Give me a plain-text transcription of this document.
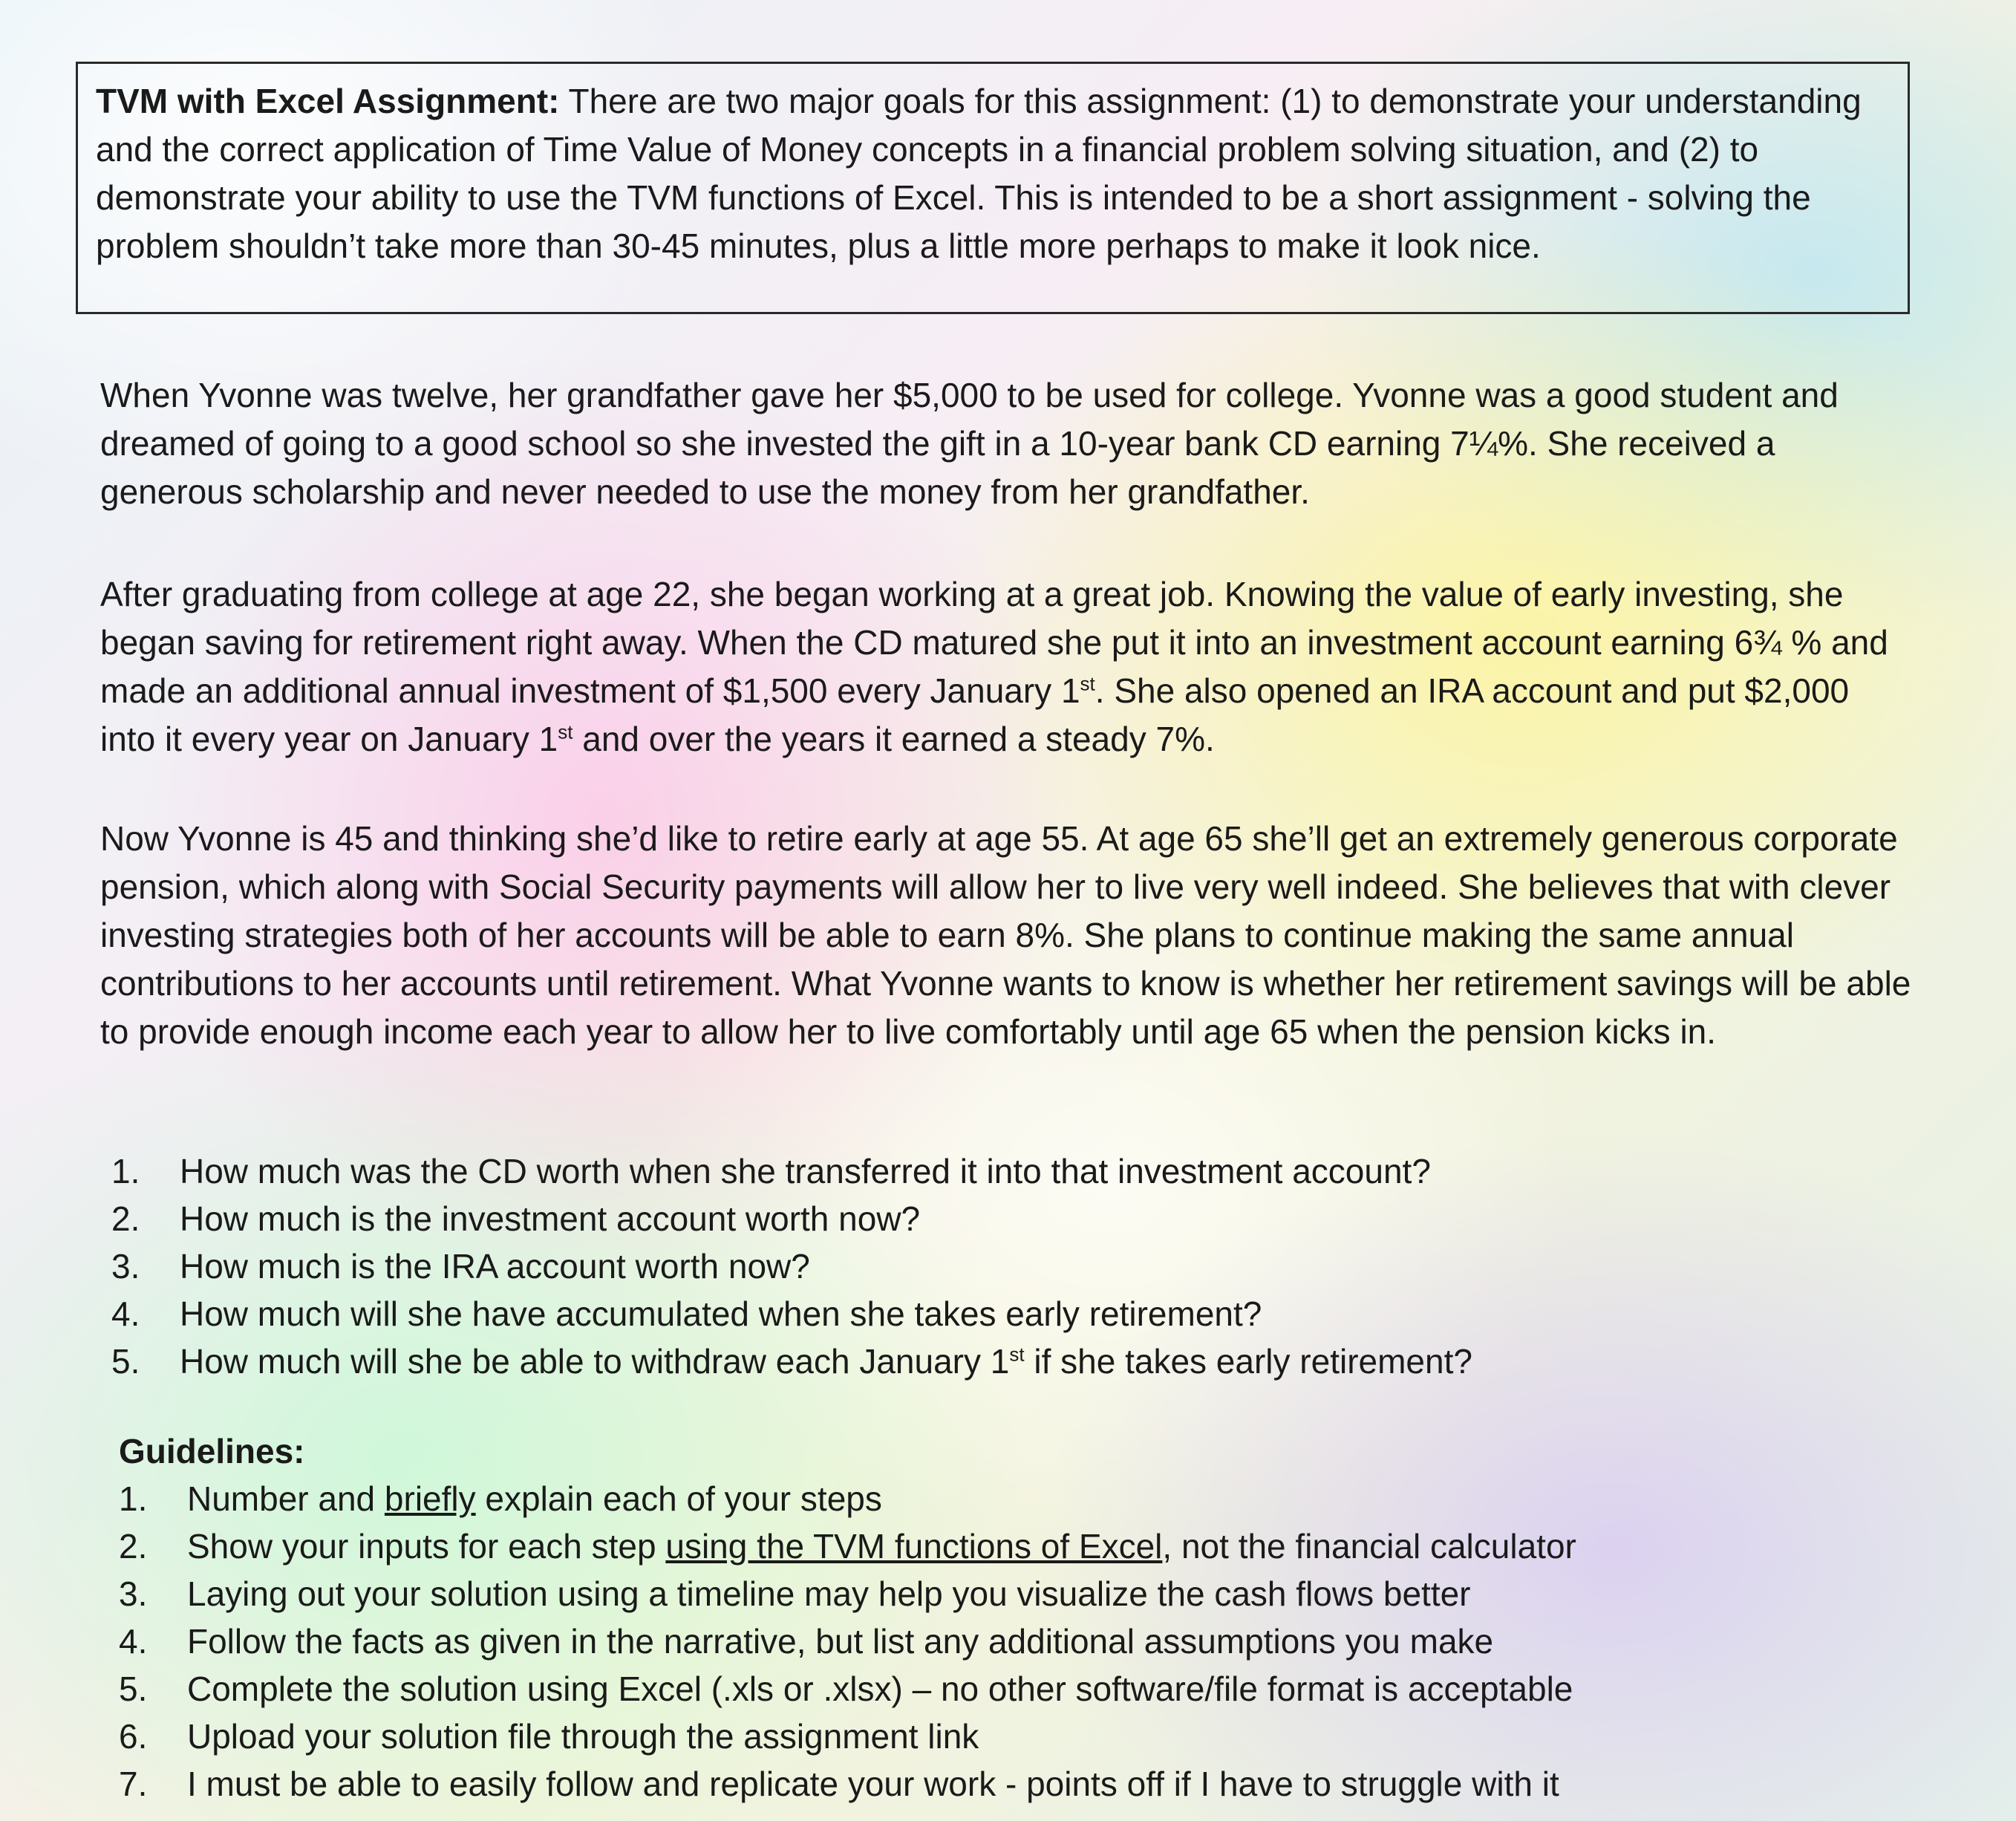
TVM with Excel Assignment: There are two major goals for this assignment: (1) to demonstrate your understanding and the correct application of Time Value of Money concepts in a financial problem solving situation, and (2) to demonstrate your ability to use the TVM functions of Excel. This is intended to be a short assignment - solving the problem shouldn’t take more than 30-45 minutes, plus a little more perhaps to make it look nice.

When Yvonne was twelve, her grandfather gave her $5,000 to be used for college. Yvonne was a good student and dreamed of going to a good school so she invested the gift in a 10-year bank CD earning 7¼%. She received a generous scholarship and never needed to use the money from her grandfather.

After graduating from college at age 22, she began working at a great job. Knowing the value of early investing, she began saving for retirement right away. When the CD matured she put it into an investment account earning 6¾ % and made an additional annual investment of $1,500 every January 1st. She also opened an IRA account and put $2,000 into it every year on January 1st and over the years it earned a steady 7%.

Now Yvonne is 45 and thinking she’d like to retire early at age 55. At age 65 she’ll get an extremely generous corporate pension, which along with Social Security payments will allow her to live very well indeed. She believes that with clever investing strategies both of her accounts will be able to earn 8%. She plans to continue making the same annual contributions to her accounts until retirement. What Yvonne wants to know is whether her retirement savings will be able to provide enough income each year to allow her to live comfortably until age 65 when the pension kicks in.

1.	How much was the CD worth when she transferred it into that investment account?
2.	How much is the investment account worth now?
3.	How much is the IRA account worth now?
4.	How much will she have accumulated when she takes early retirement?
5.	How much will she be able to withdraw each January 1st if she takes early retirement?

Guidelines:

1.	Number and briefly explain each of your steps
2.	Show your inputs for each step using the TVM functions of Excel, not the financial calculator
3.	Laying out your solution using a timeline may help you visualize the cash flows better
4.	Follow the facts as given in the narrative, but list any additional assumptions you make
5.	Complete the solution using Excel (.xls or .xlsx) – no other software/file format is acceptable
6.	Upload your solution file through the assignment link
7.	I must be able to easily follow and replicate your work - points off if I have to struggle with it
